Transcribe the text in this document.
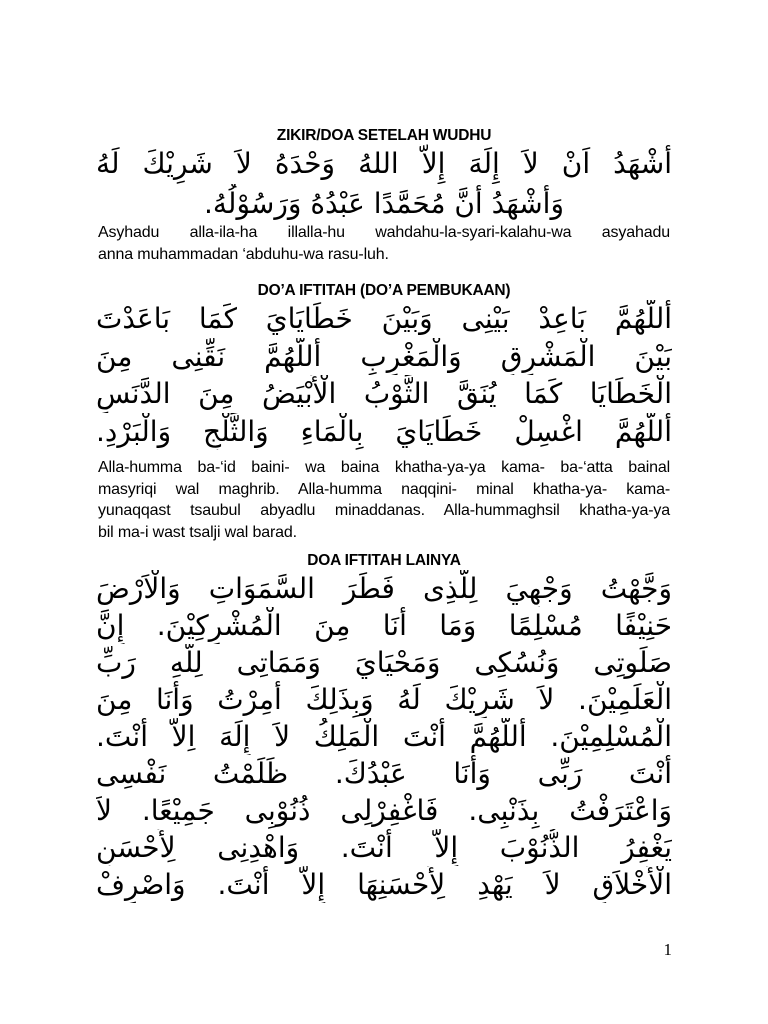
ZIKIR/DOA SETELAH WUDHU
أَشْهَدُ اَنْ لاَ إِلَهَ إِلاَّ اللهُ وَحْدَهُ لاَ شَرِيْكَ لَهُ
وَأَشْهَدُ أَنَّ مُحَمَّدًا عَبْدُهُ وَرَسُوْلُهُ.
Asyhadu alla-ila-ha illalla-hu wahdahu-la-syari-kalahu-wa asyahadu
anna muhammadan ‘abduhu-wa rasu-luh.
DO’A IFTITAH (DO’A PEMBUKAAN)
أَللَّهُمَّ بَاعِدْ بَيْنِى وَبَيْنَ خَطَايَايَ كَمَا بَاعَدْتَ
بَيْنَ الْمَشْرِقِ وَالْمَغْرِبِ أَللَّهُمَّ نَقِّنِى مِنَ
الْخَطَايَا كَمَا يُنَقَّ الثَّوْبُ الْأَبْيَضُ مِنَ الدَّنَسِ
أَللَّهُمَّ اغْسِلْ خَطَايَايَ بِالْمَاءِ وَالثَّلْجِ وَالْبَرْدِ.
Alla-humma ba-‘id baini- wa baina khatha-ya-ya kama- ba-‘atta bainal
masyriqi wal maghrib. Alla-humma naqqini- minal khatha-ya- kama-
yunaqqast tsaubul abyadlu minaddanas. Alla-hummaghsil khatha-ya-ya
bil ma-i wast tsalji wal barad.
DOA IFTITAH LAINYA
وَجَّهْتُ وَجْهِيَ لِلَّذِى فَطَرَ السَّمَوَاتِ وَالْاَرْضَ
حَنِيْفًا مُسْلِمًا وَمَا أَنَا مِنَ الْمُشْرِكِيْنَ. إِنَّ
صَلَوتِى وَنُسُكِى وَمَحْيَايَ وَمَمَاتِى لِلَّهِ رَبِّ
الْعَلَمِيْنَ. لاَ شَرِيْكَ لَهُ وَبِذَلِكَ أُمِرْتُ وَأَنَا مِنَ
الْمُسْلِمِيْنَ. أَللَّهُمَّ أَنْتَ الْمَلِكُ لاَ إِلَهَ اِلاَّ أَنْتَ.
أَنْتَ رَبِّى وَأَنَا عَبْدُكَ. ظَلَمْتُ نَفْسِى
وَاعْتَرَفْتُ بِذَنْبِى. فَاغْفِرْلِى ذُنُوْبِى جَمِيْعًا. لاَ
يَغْفِرُ الذُّنُوْبَ إِلاَّ أَنْتَ. وَاهْدِنِى لِأَحْسَنِ
الْأَخْلاَقِ لاَ يَهْدِ لِأَحْسَنِهَا إِلاَّ أَنْتَ. وَاصْرِفْ
1
